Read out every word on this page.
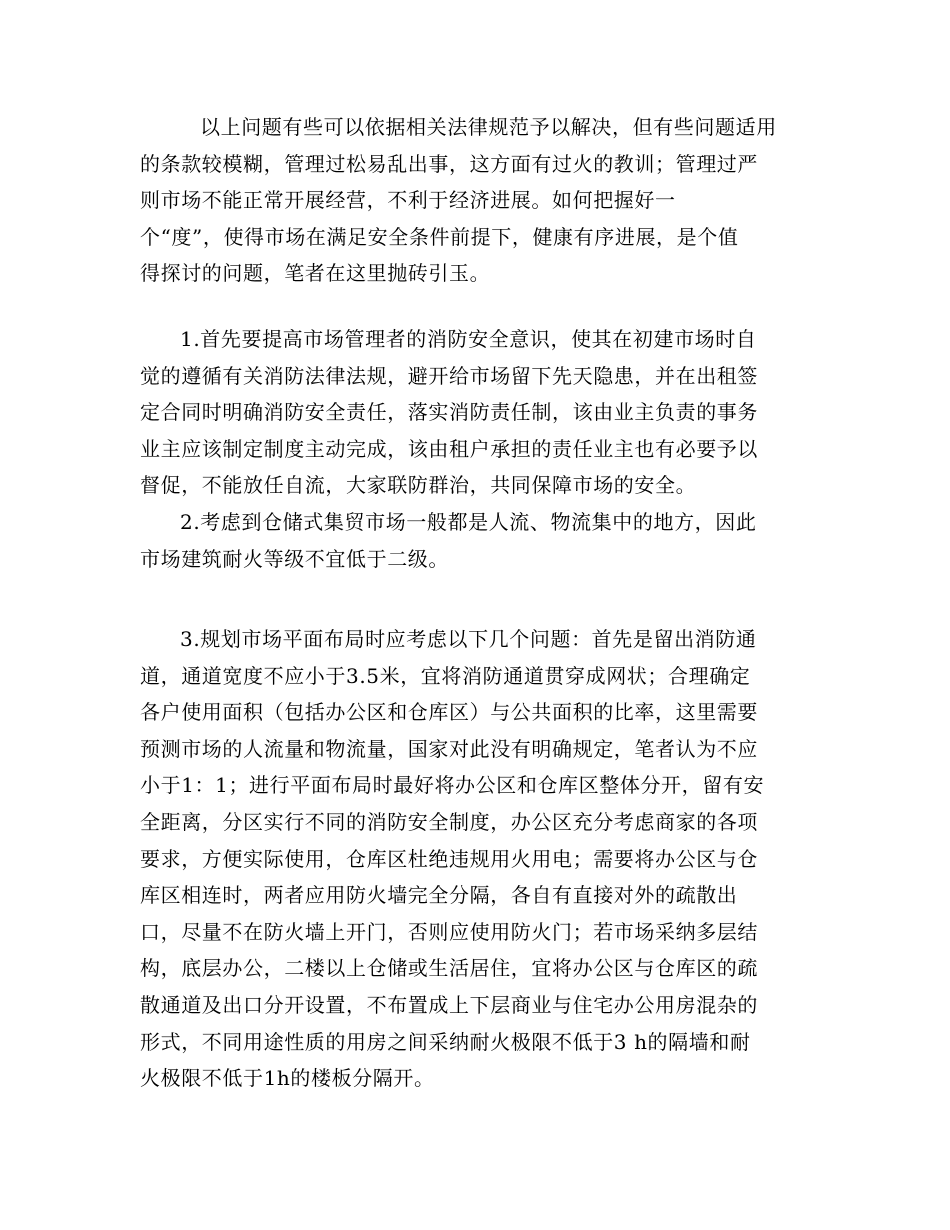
以上问题有些可以依据相关法律规范予以解决，但有些问题适用
的条款较模糊，管理过松易乱出事，这方面有过火的教训；管理过严
则市场不能正常开展经营，不利于经济进展。如何把握好一
个“度”，使得市场在满足安全条件前提下，健康有序进展，是个值
得探讨的问题，笔者在这里抛砖引玉。
1.首先要提高市场管理者的消防安全意识，使其在初建市场时自
觉的遵循有关消防法律法规，避开给市场留下先天隐患，并在出租签
定合同时明确消防安全责任，落实消防责任制，该由业主负责的事务
业主应该制定制度主动完成，该由租户承担的责任业主也有必要予以
督促，不能放任自流，大家联防群治，共同保障市场的安全。
2.考虑到仓储式集贸市场一般都是人流、物流集中的地方，因此
市场建筑耐火等级不宜低于二级。
3.规划市场平面布局时应考虑以下几个问题：首先是留出消防通
道，通道宽度不应小于3.5米，宜将消防通道贯穿成网状；合理确定
各户使用面积（包括办公区和仓库区）与公共面积的比率，这里需要
预测市场的人流量和物流量，国家对此没有明确规定，笔者认为不应
小于1：1；进行平面布局时最好将办公区和仓库区整体分开，留有安
全距离，分区实行不同的消防安全制度，办公区充分考虑商家的各项
要求，方便实际使用，仓库区杜绝违规用火用电；需要将办公区与仓
库区相连时，两者应用防火墙完全分隔，各自有直接对外的疏散出
口，尽量不在防火墙上开门，否则应使用防火门；若市场采纳多层结
构，底层办公，二楼以上仓储或生活居住，宜将办公区与仓库区的疏
散通道及出口分开设置，不布置成上下层商业与住宅办公用房混杂的
形式，不同用途性质的用房之间采纳耐火极限不低于3 h的隔墙和耐
火极限不低于1h的楼板分隔开。
